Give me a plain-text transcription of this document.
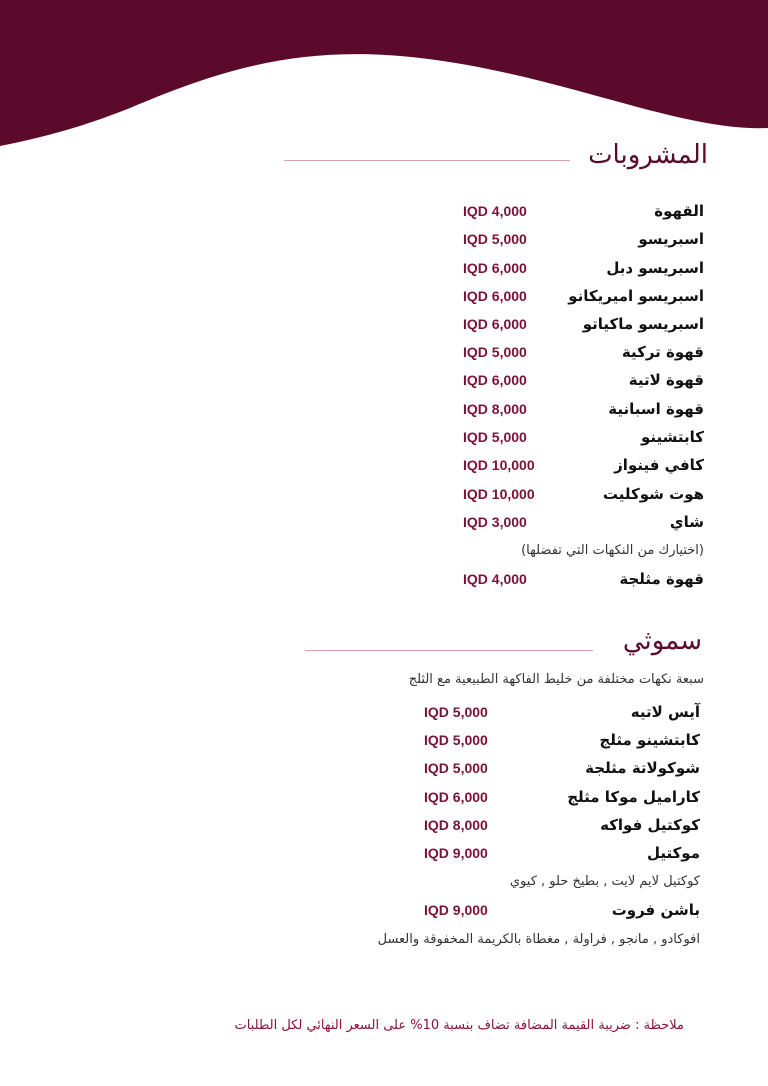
المشروبات
القهوة
IQD 4,000
اسبريسو
IQD 5,000
اسبريسو دبل
IQD 6,000
اسبريسو اميريكانو
IQD 6,000
اسبريسو ماكياتو
IQD 6,000
قهوة تركية
IQD 5,000
قهوة لاتية
IQD 6,000
قهوة اسبانية
IQD 8,000
كابتشينو
IQD 5,000
كافي فينواز
IQD 10,000
هوت شوكليت
IQD 10,000
شاي
IQD 3,000
(اختيارك من النكهات التي تفضلها)
قهوة مثلجة
IQD 4,000
سموثي
سبعة نكهات مختلفة من خليط الفاكهة الطبيعية مع الثلج
آيس لاتيه
IQD 5,000
كابتشينو مثلج
IQD 5,000
شوكولاتة مثلجة
IQD 5,000
كاراميل موكا مثلج
IQD 6,000
كوكتيل فواكه
IQD 8,000
موكتيل
IQD 9,000
كوكتيل لايم لايت , بطيخ حلو , كيوي
باشن فروت
IQD 9,000
افوكادو , مانجو , فراولة , مغطاة بالكريمة المخفوقة والعسل
ملاحظة : ضريبة القيمة المضافة تضاف بنسبة 10% على السعر النهائي لكل الطلبات
